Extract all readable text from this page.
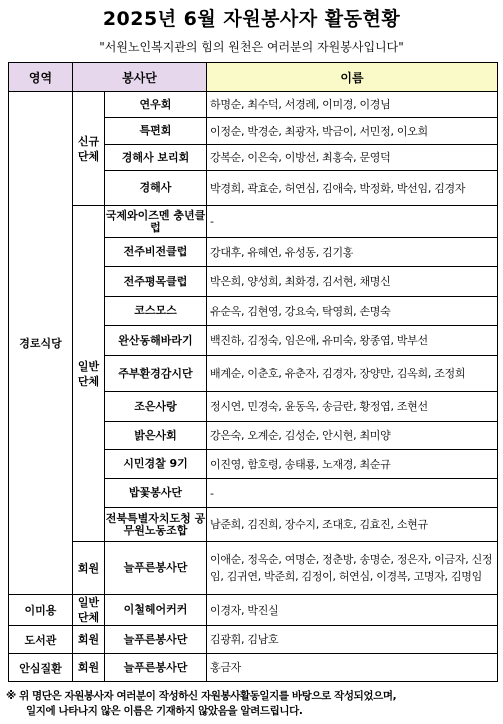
2025년 6월 자원봉사자 활동현황
"서원노인복지관의 힘의 원천은 여러분의 자원봉사입니다"
영역	봉사단		이름
경로식당	신규 단체	연우회	하명순, 최수덕, 서경례, 이미경, 이경님
		특편회	이정순, 박경순, 최광자, 박금이, 서민정, 이오희
		경해사 보리회	강복순, 이은숙, 이방선, 최홍숙, 문영덕
		경해사	박경희, 곽효순, 허연심, 김애숙, 박정화, 박선임, 김경자
	일반 단체	국제와이즈멘 충년클럽	-
		전주비전클럽	강대후, 유혜연, 유성동, 김기홍
		전주평목클럽	박은희, 양성희, 최화경, 김서현, 채명신
		코스모스	유순옥, 김현영, 강요숙, 탁영희, 손명숙
		완산동해바라기	백진하, 김정숙, 임은애, 유미숙, 왕종엽, 박부선
		주부환경감시단	배계순, 이춘호, 유춘자, 김경자, 장양만, 김옥희, 조정희
		조은사랑	정시연, 민경숙, 윤동옥, 송금란, 황정엽, 조현선
		밝은사회	강은숙, 오계순, 김성순, 안시현, 최미양
		시민경찰 9기	이진영, 함호령, 송태룡, 노재경, 최순규
		밥꽃봉사단	-
		전북특별자치도청 공무원노동조합	남준희, 김진희, 장수지, 조대호, 김효진, 소현규
	회원	늘푸른봉사단	이애순, 정옥순, 여명순, 정춘방, 송명순, 정은자, 이금자, 신정임, 김귀연, 박준희, 김정이, 허연심, 이경복, 고명자, 김명임
이미용	일반 단체	이철헤어커커	이경자, 박진실
도서관	회원	늘푸른봉사단	김광휘, 김남호
안심질환	회원	늘푸른봉사단	홍금자
※ 위 명단은 자원봉사자 여러분이 작성하신 자원봉사활동일지를 바탕으로 작성되었으며,
일지에 나타나지 않은 이름은 기재하지 않았음을 알려드립니다.
